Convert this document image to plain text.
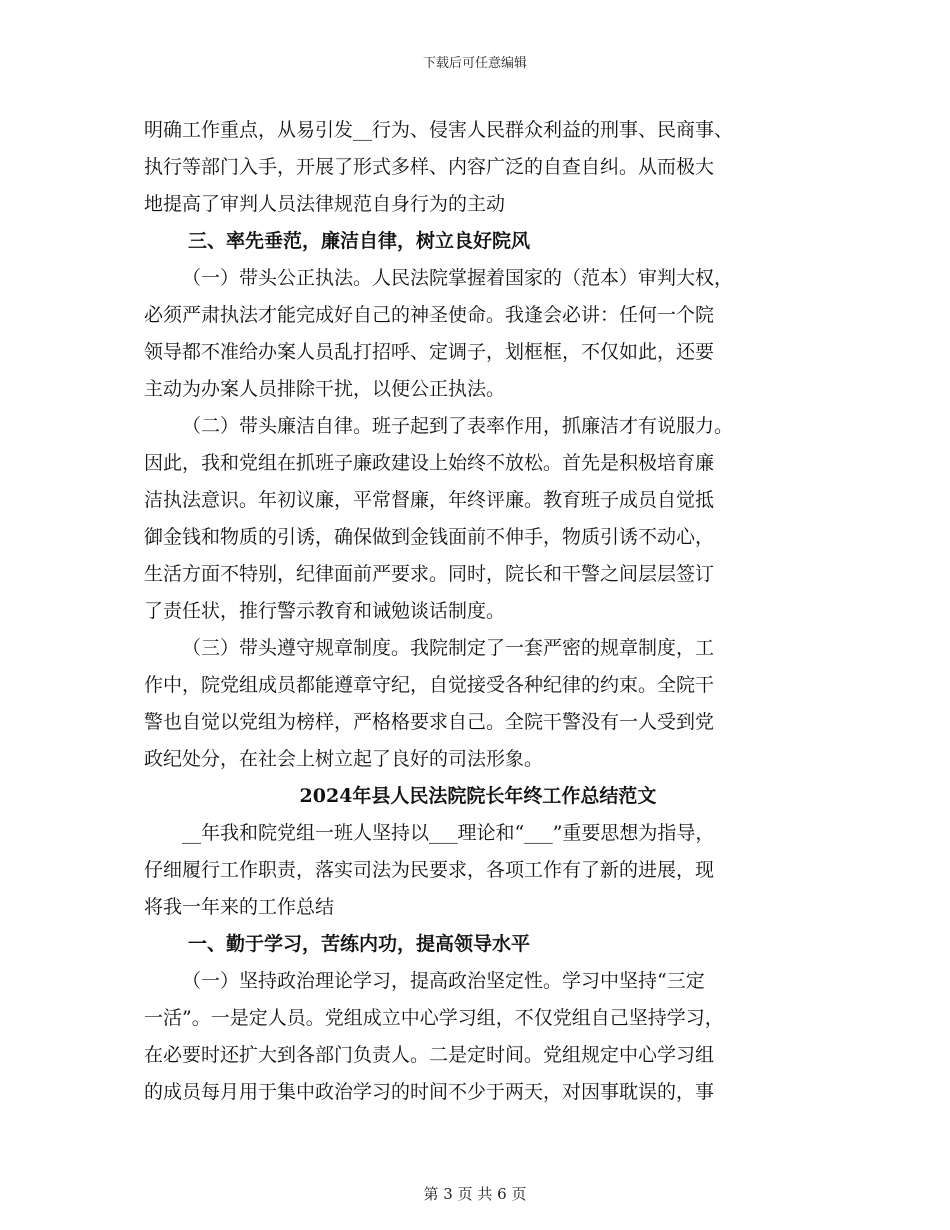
下载后可任意编辑
明确工作重点，从易引发__行为、侵害人民群众利益的刑事、民商事、
执行等部门入手，开展了形式多样、内容广泛的自查自纠。从而极大
地提高了审判人员法律规范自身行为的主动
三、率先垂范，廉洁自律，树立良好院风
（一）带头公正执法。人民法院掌握着国家的（范本）审判大权，
必须严肃执法才能完成好自己的神圣使命。我逢会必讲：任何一个院
领导都不准给办案人员乱打招呼、定调子，划框框，不仅如此，还要
主动为办案人员排除干扰，以便公正执法。
（二）带头廉洁自律。班子起到了表率作用，抓廉洁才有说服力。
因此，我和党组在抓班子廉政建设上始终不放松。首先是积极培育廉
洁执法意识。年初议廉，平常督廉，年终评廉。教育班子成员自觉抵
御金钱和物质的引诱，确保做到金钱面前不伸手，物质引诱不动心，
生活方面不特别，纪律面前严要求。同时，院长和干警之间层层签订
了责任状，推行警示教育和诫勉谈话制度。
（三）带头遵守规章制度。我院制定了一套严密的规章制度，工
作中，院党组成员都能遵章守纪，自觉接受各种纪律的约束。全院干
警也自觉以党组为榜样，严格格要求自己。全院干警没有一人受到党
政纪处分，在社会上树立起了良好的司法形象。
2024年县人民法院院长年终工作总结范文
__年我和院党组一班人坚持以___理论和“___”重要思想为指导，
仔细履行工作职责，落实司法为民要求，各项工作有了新的进展，现
将我一年来的工作总结
一、勤于学习，苦练内功，提高领导水平
（一）坚持政治理论学习，提高政治坚定性。学习中坚持“三定
一活”。一是定人员。党组成立中心学习组，不仅党组自己坚持学习，
在必要时还扩大到各部门负责人。二是定时间。党组规定中心学习组
的成员每月用于集中政治学习的时间不少于两天，对因事耽误的，事
第 3 页 共 6 页
